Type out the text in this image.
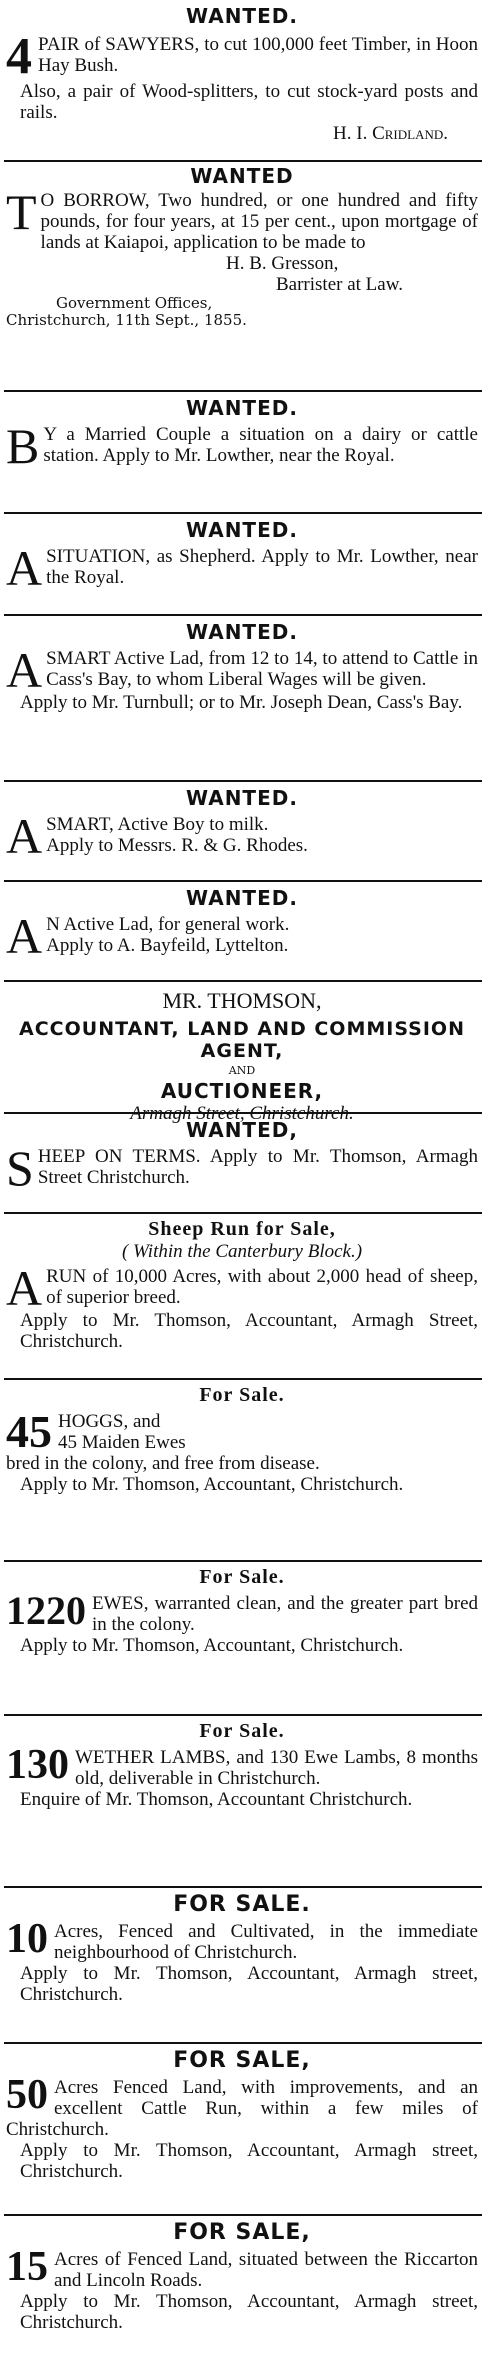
WANTED.
4 PAIR of SAWYERS, to cut 100,000 feet Timber, in Hoon Hay Bush.
Also, a pair of Wood-splitters, to cut stock-yard posts and rails.
H. I. Cridland.
WANTED
T O BORROW, Two hundred, or one hundred and fifty pounds, for four years, at 15 per cent., upon mortgage of lands at Kaiapoi, application to be made to
H. B. Gresson,
Barrister at Law.
Government Offices,
Christchurch, 11th Sept., 1855.
WANTED.
B Y a Married Couple a situation on a dairy or cattle station. Apply to Mr. Lowther, near the Royal.
WANTED.
A SITUATION, as Shepherd. Apply to Mr. Lowther, near the Royal.
WANTED.
A SMART Active Lad, from 12 to 14, to attend to Cattle in Cass's Bay, to whom Liberal Wages will be given.
Apply to Mr. Turnbull; or to Mr. Joseph Dean, Cass's Bay.
WANTED.
A SMART, Active Boy to milk.
Apply to Messrs. R. & G. Rhodes.
WANTED.
A N Active Lad, for general work.
Apply to A. Bayfeild, Lyttelton.
MR. THOMSON,
ACCOUNTANT, LAND AND COMMISSION AGENT,
AND
AUCTIONEER,
Armagh Street, Christchurch.
WANTED,
S HEEP ON TERMS. Apply to Mr. Thomson, Armagh Street Christchurch.
Sheep Run for Sale,
( Within the Canterbury Block.)
A RUN of 10,000 Acres, with about 2,000 head of sheep, of superior breed.
Apply to Mr. Thomson, Accountant, Armagh Street, Christchurch.
For Sale.
45 HOGGS, and
45 Maiden Ewes
bred in the colony, and free from disease.
Apply to Mr. Thomson, Accountant, Christchurch.
For Sale.
1220 EWES, warranted clean, and the greater part bred in the colony.
Apply to Mr. Thomson, Accountant, Christchurch.
For Sale.
130 WETHER LAMBS, and 130 Ewe Lambs, 8 months old, deliverable in Christchurch.
Enquire of Mr. Thomson, Accountant Christchurch.
FOR SALE.
10 Acres, Fenced and Cultivated, in the immediate neighbourhood of Christchurch.
Apply to Mr. Thomson, Accountant, Armagh street, Christchurch.
FOR SALE,
50 Acres Fenced Land, with improvements, and an excellent Cattle Run, within a few miles of Christchurch.
Apply to Mr. Thomson, Accountant, Armagh street, Christchurch.
FOR SALE,
15 Acres of Fenced Land, situated between the Riccarton and Lincoln Roads.
Apply to Mr. Thomson, Accountant, Armagh street, Christchurch.
